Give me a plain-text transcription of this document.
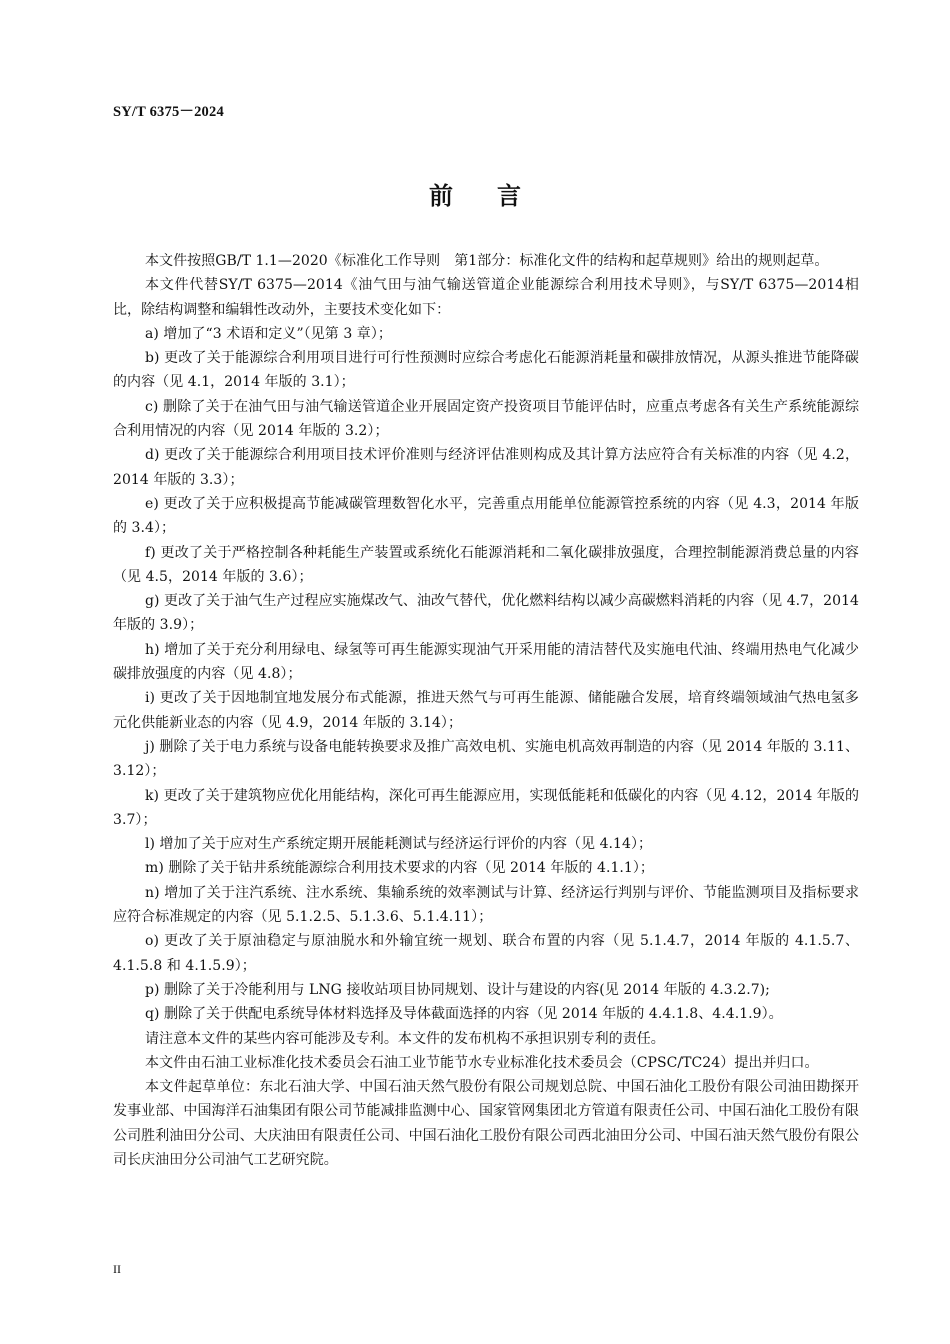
SY/T 6375－2024
前言

本文件按照GB/T 1.1—2020《标准化工作导则　第1部分：标准化文件的结构和起草规则》给出的规则起草。

本文件代替SY/T 6375—2014《油气田与油气输送管道企业能源综合利用技术导则》，与SY/T 6375—2014相比，除结构调整和编辑性改动外，主要技术变化如下：

a) 增加了“3 术语和定义”（见第 3 章）；

b) 更改了关于能源综合利用项目进行可行性预测时应综合考虑化石能源消耗量和碳排放情况，从源头推进节能降碳的内容（见 4.1，2014 年版的 3.1）；

c) 删除了关于在油气田与油气输送管道企业开展固定资产投资项目节能评估时，应重点考虑各有关生产系统能源综合利用情况的内容（见 2014 年版的 3.2）；

d) 更改了关于能源综合利用项目技术评价准则与经济评估准则构成及其计算方法应符合有关标准的内容（见 4.2，2014 年版的 3.3）；

e) 更改了关于应积极提高节能减碳管理数智化水平，完善重点用能单位能源管控系统的内容（见 4.3，2014 年版的 3.4）；

f) 更改了关于严格控制各种耗能生产装置或系统化石能源消耗和二氧化碳排放强度，合理控制能源消费总量的内容（见 4.5，2014 年版的 3.6）；

g) 更改了关于油气生产过程应实施煤改气、油改气替代，优化燃料结构以减少高碳燃料消耗的内容（见 4.7，2014 年版的 3.9）；

h) 增加了关于充分利用绿电、绿氢等可再生能源实现油气开采用能的清洁替代及实施电代油、终端用热电气化减少碳排放强度的内容（见 4.8）；

i) 更改了关于因地制宜地发展分布式能源，推进天然气与可再生能源、储能融合发展，培育终端领域油气热电氢多元化供能新业态的内容（见 4.9，2014 年版的 3.14）；

j) 删除了关于电力系统与设备电能转换要求及推广高效电机、实施电机高效再制造的内容（见 2014 年版的 3.11、3.12）；

k) 更改了关于建筑物应优化用能结构，深化可再生能源应用，实现低能耗和低碳化的内容（见 4.12，2014 年版的 3.7）；

l) 增加了关于应对生产系统定期开展能耗测试与经济运行评价的内容（见 4.14）；

m) 删除了关于钻井系统能源综合利用技术要求的内容（见 2014 年版的 4.1.1）；

n) 增加了关于注汽系统、注水系统、集输系统的效率测试与计算、经济运行判别与评价、节能监测项目及指标要求应符合标准规定的内容（见 5.1.2.5、5.1.3.6、5.1.4.11）；

o) 更改了关于原油稳定与原油脱水和外输宜统一规划、联合布置的内容（见 5.1.4.7，2014 年版的 4.1.5.7、4.1.5.8 和 4.1.5.9）；

p) 删除了关于冷能利用与 LNG 接收站项目协同规划、设计与建设的内容(见 2014 年版的 4.3.2.7);

q) 删除了关于供配电系统导体材料选择及导体截面选择的内容（见 2014 年版的 4.4.1.8、4.4.1.9）。

请注意本文件的某些内容可能涉及专利。本文件的发布机构不承担识别专利的责任。

本文件由石油工业标准化技术委员会石油工业节能节水专业标准化技术委员会（CPSC/TC24）提出并归口。

本文件起草单位：东北石油大学、中国石油天然气股份有限公司规划总院、中国石油化工股份有限公司油田勘探开发事业部、中国海洋石油集团有限公司节能减排监测中心、国家管网集团北方管道有限责任公司、中国石油化工股份有限公司胜利油田分公司、大庆油田有限责任公司、中国石油化工股份有限公司西北油田分公司、中国石油天然气股份有限公司长庆油田分公司油气工艺研究院。

II
